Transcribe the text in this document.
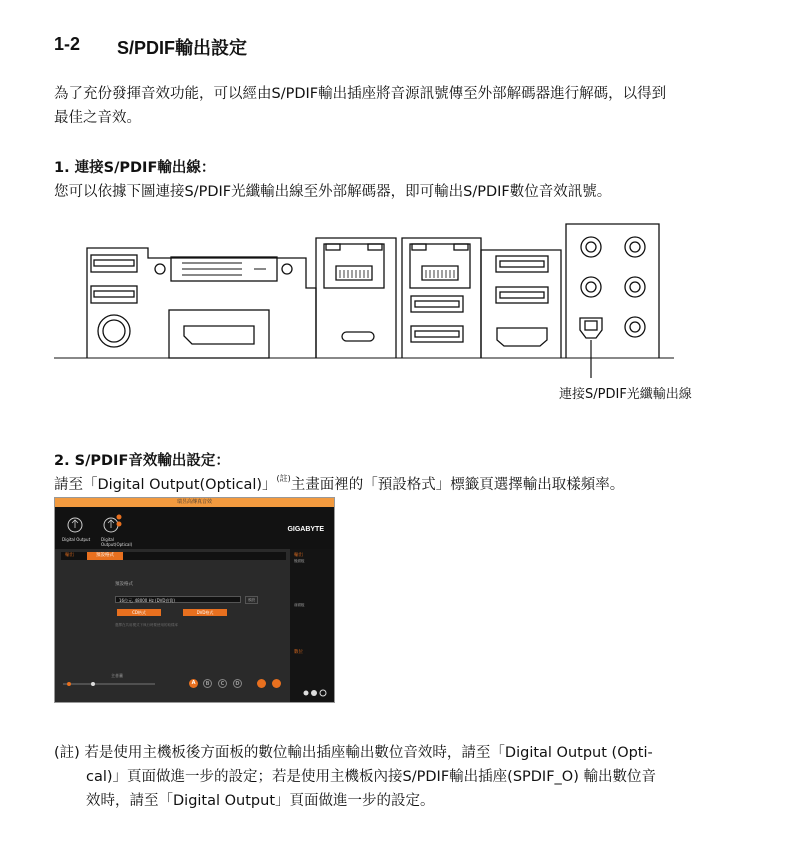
1-2 S/PDIF輸出設定
為了充份發揮音效功能，可以經由S/PDIF輸出插座將音源訊號傳至外部解碼器進行解碼，以得到
最佳之音效。
1. 連接S/PDIF輸出線：
您可以依據下圖連接S/PDIF光纖輸出線至外部解碼器，即可輸出S/PDIF數位音效訊號。
連接S/PDIF光纖輸出線
2. S/PDIF音效輸出設定：
請至「Digital Output(Optical)」$^{(註)}$主畫面裡的「預設格式」標籤頁選擇輸出取樣頻率。
瑞昱高傳真音效
Digital Output	Digital Output(Optical)
GIGABYTE
輸出	預設格式
預設格式
16位元, 48000 Hz (DVD音質)	預設
CD格式	DVD格式
選擇在共用模式下執行時要使用的取樣率
主音量
A	B	C	D
輸出
後面板
前面板
數位
(註) 若是使用主機板後方面板的數位輸出插座輸出數位音效時，請至「Digital Output (Opti-
cal)」頁面做進一步的設定；若是使用主機板內接S/PDIF輸出插座(SPDIF_O) 輸出數位音
效時，請至「Digital Output」頁面做進一步的設定。
